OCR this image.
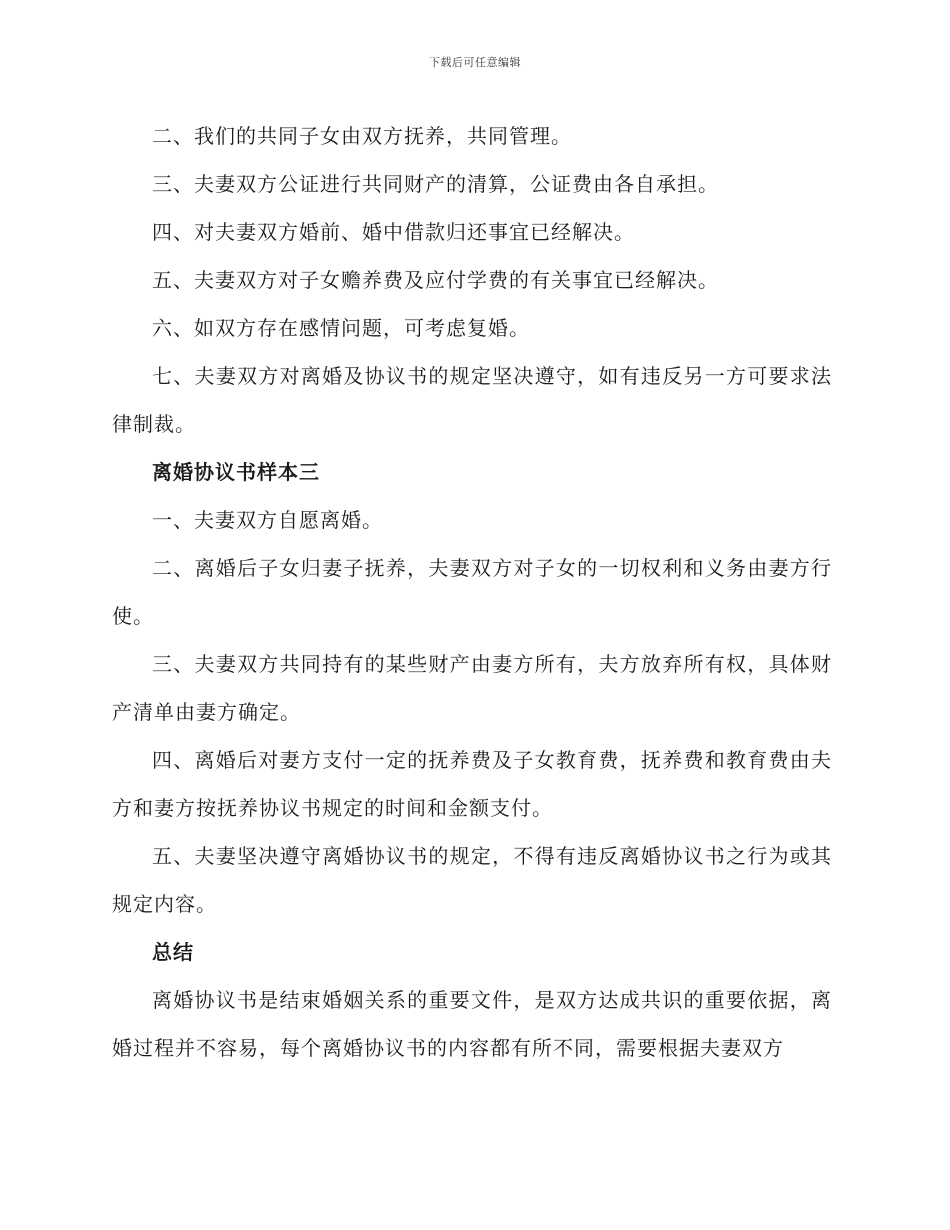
下载后可任意编辑

二、我们的共同子女由双方抚养，共同管理。

三、夫妻双方公证进行共同财产的清算，公证费由各自承担。

四、对夫妻双方婚前、婚中借款归还事宜已经解决。

五、夫妻双方对子女赡养费及应付学费的有关事宜已经解决。

六、如双方存在感情问题，可考虑复婚。

七、夫妻双方对离婚及协议书的规定坚决遵守，如有违反另一方可要求法律制裁。

离婚协议书样本三

一、夫妻双方自愿离婚。

二、离婚后子女归妻子抚养，夫妻双方对子女的一切权利和义务由妻方行使。

三、夫妻双方共同持有的某些财产由妻方所有，夫方放弃所有权，具体财产清单由妻方确定。

四、离婚后对妻方支付一定的抚养费及子女教育费，抚养费和教育费由夫方和妻方按抚养协议书规定的时间和金额支付。

五、夫妻坚决遵守离婚协议书的规定，不得有违反离婚协议书之行为或其规定内容。

总结

离婚协议书是结束婚姻关系的重要文件，是双方达成共识的重要依据，离婚过程并不容易，每个离婚协议书的内容都有所不同，需要根据夫妻双方
